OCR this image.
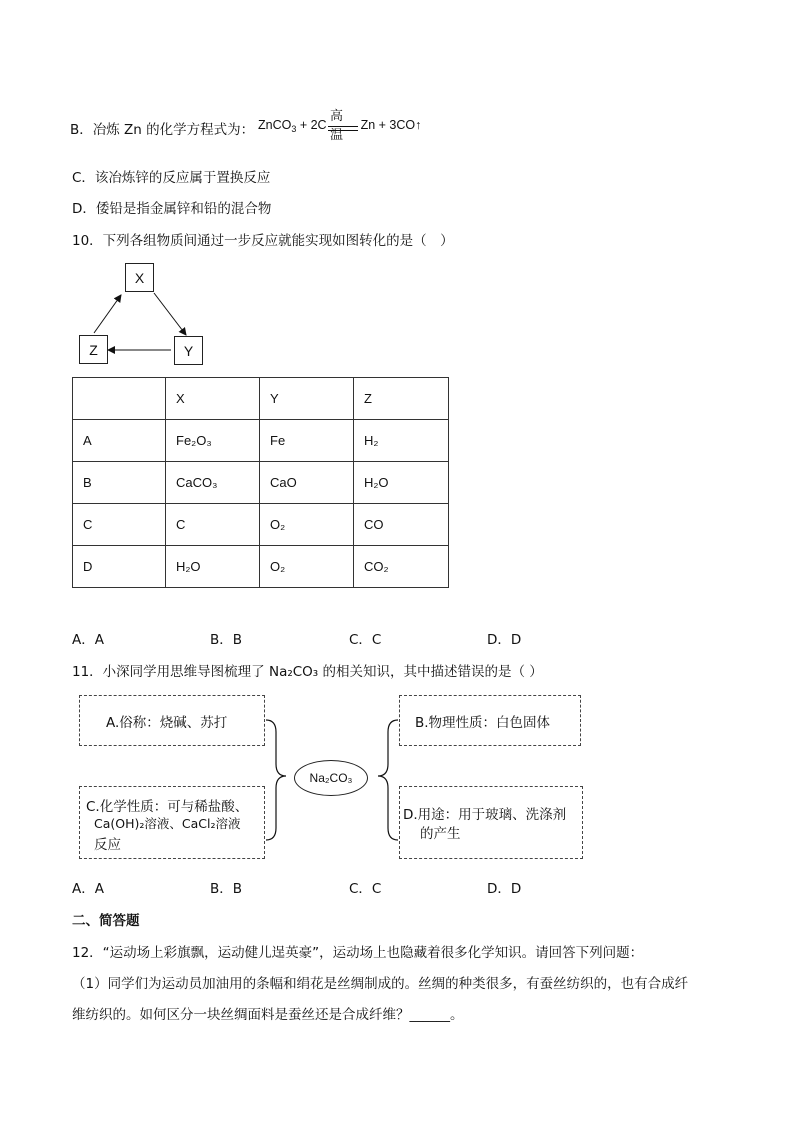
B．冶炼 Zn 的化学方程式为： ZnCO$_3$ + 2C	Zn + 3CO↑
高温
C．该冶炼锌的反应属于置换反应
D．倭铅是指金属锌和铅的混合物
10．下列各组物质间通过一步反应就能实现如图转化的是（　）
X
Y
Z
	X	Y	Z
A	Fe₂O₃	Fe	H₂
B	CaCO₃	CaO	H₂O
C	C	O₂	CO
D	H₂O	O₂	CO₂
A．A	B．B	C．C	D．D
11．小深同学用思维导图梳理了 Na₂CO₃ 的相关知识，其中描述错误的是（ ）
A.俗称：烧碱、苏打	B.物理性质：白色固体
C.化学性质：可与稀盐酸、
Ca(OH)₂溶液、CaCl₂溶液
反应
D.用途：用于玻璃、洗涤剂
的产生
Na₂CO₃
A．A	B．B	C．C	D．D
二、简答题
12．“运动场上彩旗飘，运动健儿逞英豪”，运动场上也隐藏着很多化学知识。请回答下列问题：
（1）同学们为运动员加油用的条幅和绢花是丝绸制成的。丝绸的种类很多，有蚕丝纺织的，也有合成纤
维纺织的。如何区分一块丝绸面料是蚕丝还是合成纤维？______。
